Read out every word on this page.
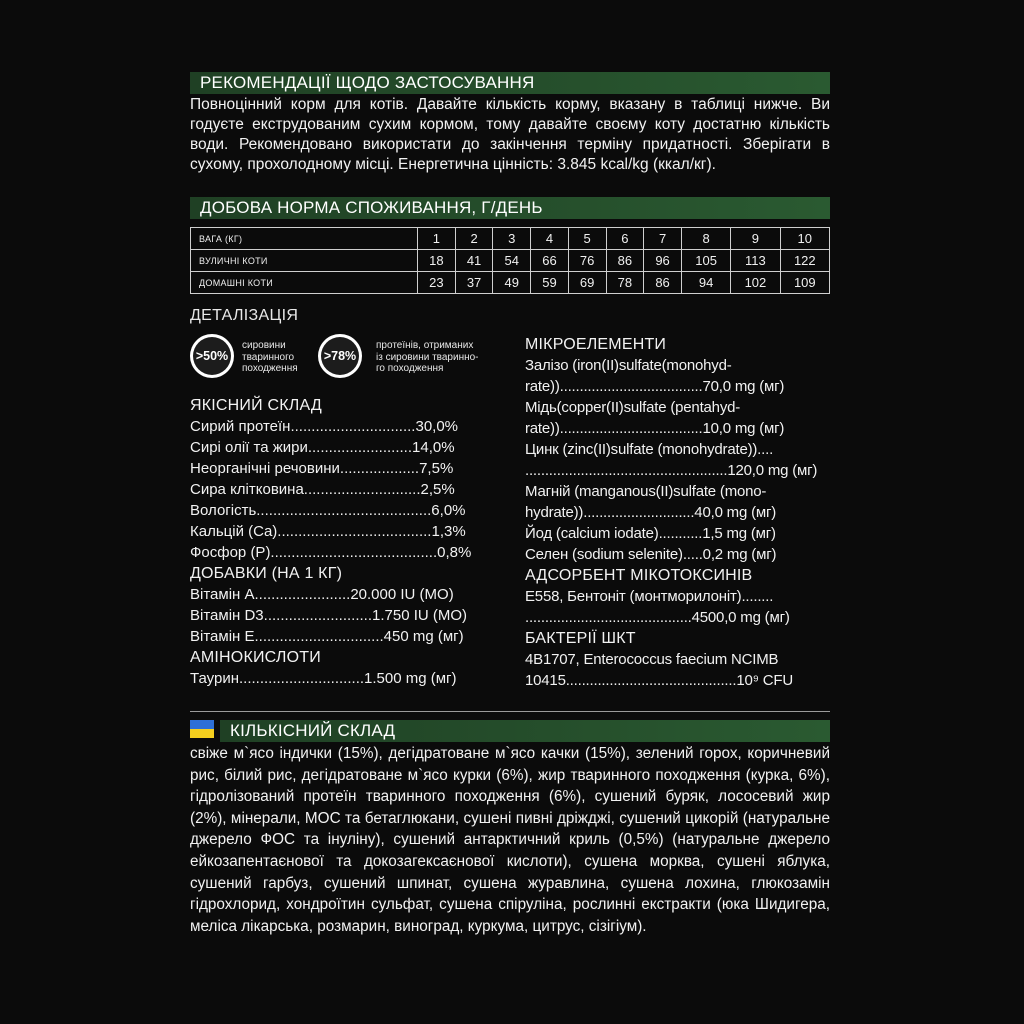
РЕКОМЕНДАЦІЇ ЩОДО ЗАСТОСУВАННЯ
Повноцінний корм для котів. Давайте кількість корму, вказану в таблиці нижче. Ви годуєте екструдованим сухим кормом, тому давайте своєму коту достатню кількість води. Рекомендовано використати до закінчення терміну придатності. Зберігати в сухому, прохолодному місці. Енергетична цінність: 3.845 kcal/kg (ккал/кг).
ДОБОВА НОРМА СПОЖИВАННЯ, Г/ДЕНЬ
ВАГА (КГ)	1	2	3	4	5	6	7	8	9	10
ВУЛИЧНІ КОТИ	18	41	54	66	76	86	96	105	113	122
ДОМАШНІ КОТИ	23	37	49	59	69	78	86	94	102	109
ДЕТАЛІЗАЦІЯ
>50%
сировини
тваринного
походження
>78%
протеїнів, отриманих
із сировини тваринно-
го походження
ЯКІСНИЙ СКЛАД
Сирий протеїн..............................30,0%
Сирі олії та жири.........................14,0%
Неорганічні речовини...................7,5%
Сира клітковина............................2,5%
Вологість..........................................6,0%
Кальцій (Ca).....................................1,3%
Фосфор (P)........................................0,8%
ДОБАВКИ (НА 1 КГ)
Вітамін A.......................20.000 IU (МО)
Вітамін D3..........................1.750 IU (МО)
Вітамін E...............................450 mg (мг)
АМІНОКИСЛОТИ
Таурин..............................1.500 mg (мг)
МІКРОЕЛЕМЕНТИ
Залізо (iron(II)sulfate(monohyd-
rate))....................................70,0 mg (мг)
Мідь(copper(II)sulfate (pentahyd-
rate))....................................10,0 mg (мг)
Цинк (zinc(II)sulfate (monohydrate))....
...................................................120,0 mg (мг)
Магній (manganous(II)sulfate (mono-
hydrate))............................40,0 mg (мг)
Йод (calcium iodate)...........1,5 mg (мг)
Селен (sodium selenite).....0,2 mg (мг)
АДСОРБЕНТ МІКОТОКСИНІВ
E558, Бентоніт (монтморилоніт)........
..........................................4500,0 mg (мг)
БАКТЕРІЇ ШКТ
4B1707, Enterococcus faecium NCIMB
10415...........................................10⁹ CFU
КІЛЬКІСНИЙ СКЛАД
свіже м`ясо індички (15%), дегідратоване м`ясо качки (15%), зелений горох, коричневий рис, білий рис, дегідратоване м`ясо курки (6%), жир тваринного походження (курка, 6%), гідролізований протеїн тваринного походження (6%), сушений буряк, лососевий жир (2%), мінерали, МОС та бетаглюкани, сушені пивні дріжджі, сушений цикорій (натуральне джерело ФОС та інуліну), сушений антарктичний криль (0,5%) (натуральне джерело ейкозапентаєнової та докозагексаєнової кислоти), сушена морква, сушені яблука, сушений гарбуз, сушений шпинат, сушена журавлина, сушена лохина, глюкозамін гідрохлорид, хондроїтин сульфат, сушена спіруліна, рослинні екстракти (юка Шидигера, меліса лікарська, розмарин, виноград, куркума, цитрус, сізігіум).
